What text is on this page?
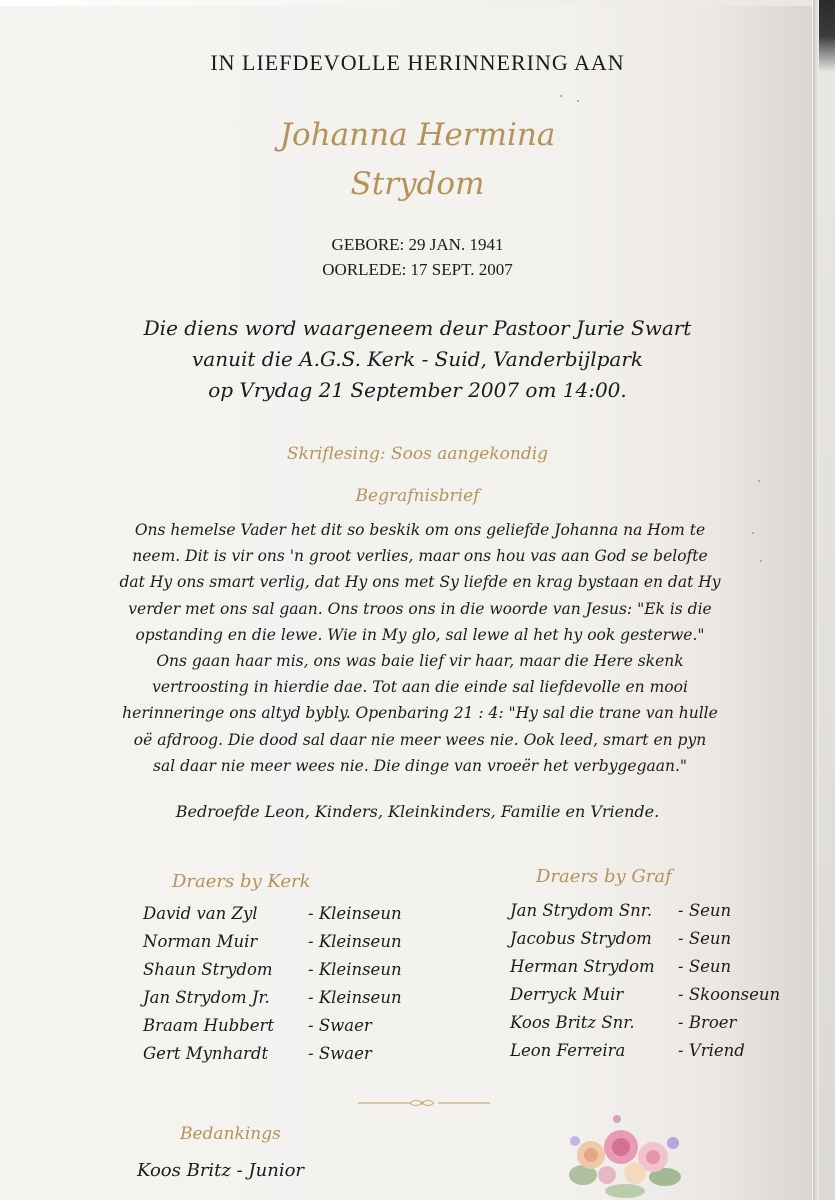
IN LIEFDEVOLLE HERINNERING AAN
Johanna Hermina
Strydom
GEBORE: 29 JAN. 1941
OORLEDE: 17 SEPT. 2007
Die diens word waargeneem deur Pastoor Jurie Swart
vanuit die A.G.S. Kerk - Suid, Vanderbijlpark
op Vrydag 21 September 2007 om 14:00.
Skriflesing: Soos aangekondig
Begrafnisbrief
Ons hemelse Vader het dit so beskik om ons geliefde Johanna na Hom te
neem. Dit is vir ons 'n groot verlies, maar ons hou vas aan God se belofte
dat Hy ons smart verlig, dat Hy ons met Sy liefde en krag bystaan en dat Hy
verder met ons sal gaan. Ons troos ons in die woorde van Jesus: "Ek is die
opstanding en die lewe. Wie in My glo, sal lewe al het hy ook gesterwe."
Ons gaan haar mis, ons was baie lief vir haar, maar die Here skenk
vertroosting in hierdie dae. Tot aan die einde sal liefdevolle en mooi
herinneringe ons altyd bybly. Openbaring 21 : 4: "Hy sal die trane van hulle
oë afdroog. Die dood sal daar nie meer wees nie. Ook leed, smart en pyn
sal daar nie meer wees nie. Die dinge van vroeër het verbygegaan."
Bedroefde Leon, Kinders, Kleinkinders, Familie en Vriende.
Draers by Kerk	Draers by Graf
David van Zyl	- Kleinseun
Norman Muir	- Kleinseun
Shaun Strydom - Kleinseun
Jan Strydom Jr. - Kleinseun
Braam Hubbert - Swaer
Gert Mynhardt - Swaer
Jan Strydom Snr. - Seun
Jacobus Strydom - Seun
Herman Strydom - Seun
Derryck Muir	- Skoonseun
Koos Britz Snr.	- Broer
Leon Ferreira	- Vriend
Bedankings
Koos Britz - Junior
